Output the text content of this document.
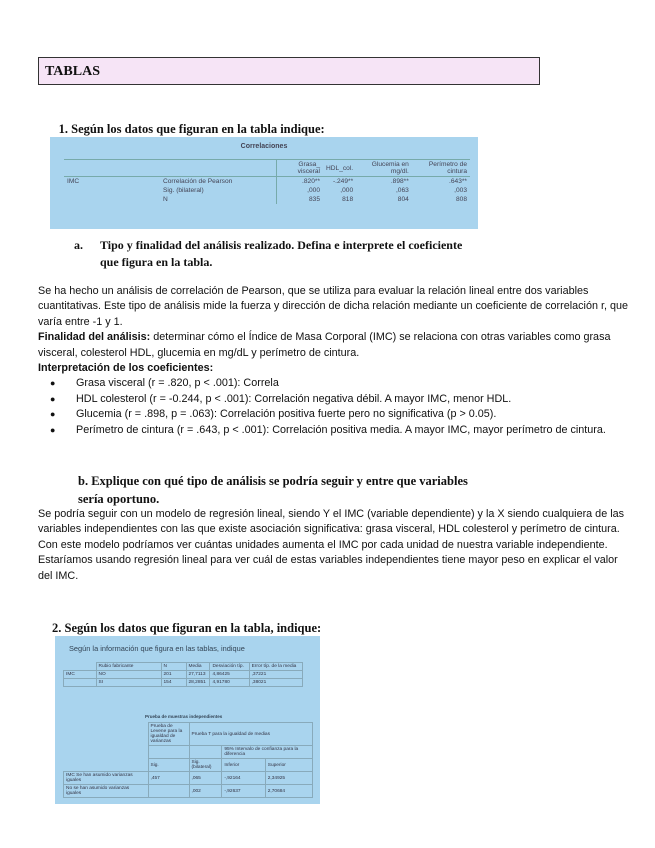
TABLAS
1. Según los datos que figuran en la tabla indique:
Correlaciones
		Grasa_ visceral	HDL_col.	Glucemia en mg/dl.	Perímetro de cintura
IMC	Correlación de Pearson	.820**	-.249**	.898**	.643**
	Sig. (bilateral)	,000	,000	,063	,003
	N	835	818	804	808
a. Tipo y finalidad del análisis realizado. Defina e interprete el coeficiente
que figura en la tabla.

Se ha hecho un análisis de correlación de Pearson, que se utiliza para evaluar la relación lineal entre dos variables cuantitativas. Este tipo de análisis mide la fuerza y dirección de dicha relación mediante un coeficiente de correlación r, que varía entre -1 y 1.

Finalidad del análisis: determinar cómo el Índice de Masa Corporal (IMC) se relaciona con otras variables como grasa visceral, colesterol HDL, glucemia en mg/dL y perímetro de cintura.

Interpretación de los coeficientes:

● Grasa visceral (r = .820, p < .001): Correla
● HDL colesterol (r = -0.244, p < .001): Correlación negativa débil. A mayor IMC, menor HDL.
● Glucemia (r = .898, p = .063): Correlación positiva fuerte pero no significativa (p > 0.05).
● Perímetro de cintura (r = .643, p < .001): Correlación positiva media. A mayor IMC, mayor perímetro de cintura.
b. Explique con qué tipo de análisis se podría seguir y entre que variables
sería oportuno.

Se podría seguir con un modelo de regresión lineal, siendo Y el IMC (variable dependiente) y la X siendo cualquiera de las variables independientes con las que existe asociación significativa: grasa visceral, HDL colesterol y perímetro de cintura. Con este modelo podríamos ver cuántas unidades aumenta el IMC por cada unidad de nuestra variable independiente.

Estaríamos usando regresión lineal para ver cuál de estas variables independientes tiene mayor peso en explicar el valor del IMC.

2. Según los datos que figuran en la tabla, indique:
Según la información que figura en las tablas, indique
	Rubio fabricante	N	Media	Desviación típ.	Error típ. de la media
IMC	NO	201	27,7113	4,86425	,37221
	SI	154	28,2851	4,91780	,38021
Prueba de muestras independientes
	Prueba de Levene para la igualdad de varianzas	Prueba T para la igualdad de medias		
			95% Intervalo de confianza para la diferencia	
	Sig.	Sig. (bilateral)	Inferior	Superior
IMC Se han asumido varianzas iguales	,457	,065	-,92164	2,34925
No se han asumido varianzas iguales		,002	-,92637	2,70684
